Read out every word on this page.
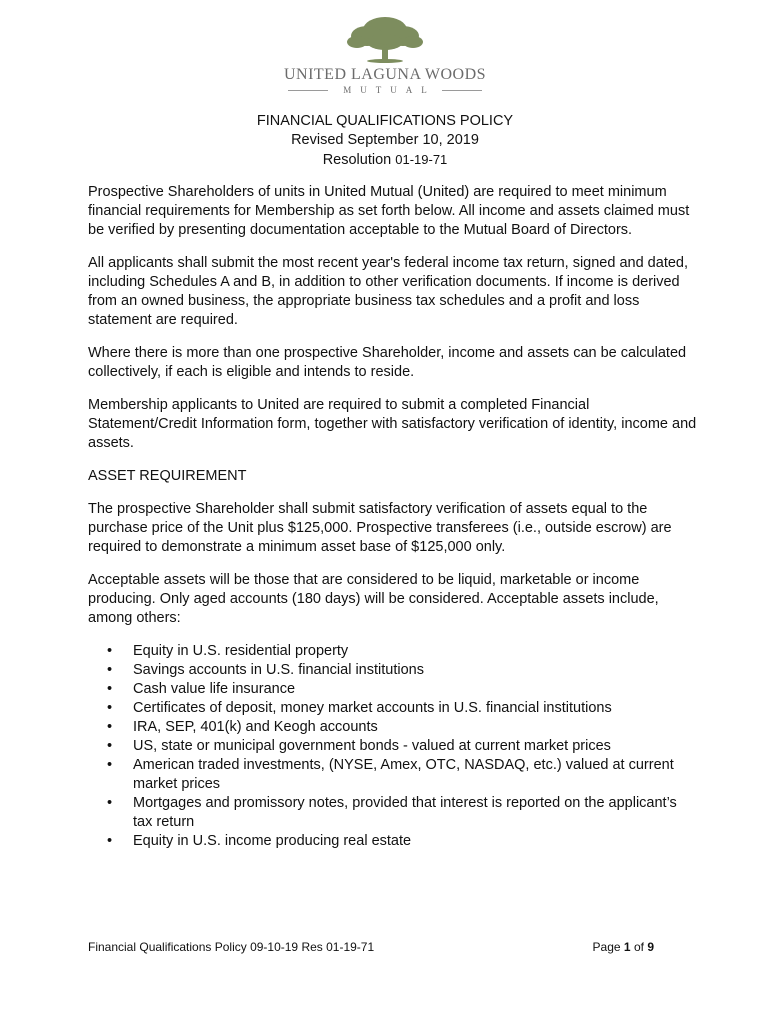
UNITED LAGUNA WOODS
MUTUAL
FINANCIAL QUALIFICATIONS POLICY
Revised September 10, 2019
Resolution 01-19-71

Prospective Shareholders of units in United Mutual (United) are required to meet minimum financial requirements for Membership as set forth below. All income and assets claimed must be verified by presenting documentation acceptable to the Mutual Board of Directors.

All applicants shall submit the most recent year's federal income tax return, signed and dated, including Schedules A and B, in addition to other verification documents. If income is derived from an owned business, the appropriate business tax schedules and a profit and loss statement are required.

Where there is more than one prospective Shareholder, income and assets can be calculated collectively, if each is eligible and intends to reside.

Membership applicants to United are required to submit a completed Financial Statement/Credit Information form, together with satisfactory verification of identity, income and assets.

ASSET REQUIREMENT

The prospective Shareholder shall submit satisfactory verification of assets equal to the purchase price of the Unit plus $125,000. Prospective transferees (i.e., outside escrow) are required to demonstrate a minimum asset base of $125,000 only.

Acceptable assets will be those that are considered to be liquid, marketable or income producing. Only aged accounts (180 days) will be considered. Acceptable assets include, among others:

• Equity in U.S. residential property
• Savings accounts in U.S. financial institutions
• Cash value life insurance
• Certificates of deposit, money market accounts in U.S. financial institutions
• IRA, SEP, 401(k) and Keogh accounts
• US, state or municipal government bonds - valued at current market prices
• American traded investments, (NYSE, Amex, OTC, NASDAQ, etc.) valued at current market prices
• Mortgages and promissory notes, provided that interest is reported on the applicant’s tax return
• Equity in U.S. income producing real estate
Financial Qualifications Policy 09-10-19 Res 01-19-71	Page 1 of 9
